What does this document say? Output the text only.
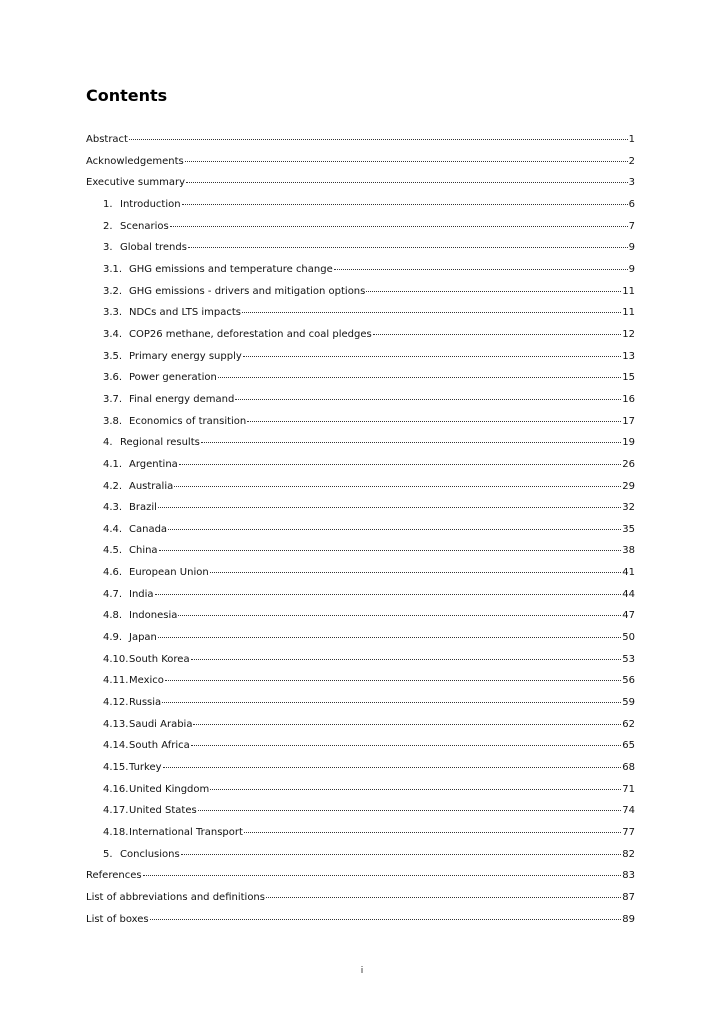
Contents
Abstract	1
Acknowledgements	2
Executive summary	3
1. Introduction	6
2. Scenarios	7
3. Global trends	9
3.1. GHG emissions and temperature change	9
3.2. GHG emissions - drivers and mitigation options	11
3.3. NDCs and LTS impacts	11
3.4. COP26 methane, deforestation and coal pledges	12
3.5. Primary energy supply	13
3.6. Power generation	15
3.7. Final energy demand	16
3.8. Economics of transition	17
4. Regional results	19
4.1. Argentina	26
4.2. Australia	29
4.3. Brazil	32
4.4. Canada	35
4.5. China	38
4.6. European Union	41
4.7. India	44
4.8. Indonesia	47
4.9. Japan	50
4.10. South Korea	53
4.11. Mexico	56
4.12. Russia	59
4.13. Saudi Arabia	62
4.14. South Africa	65
4.15. Turkey	68
4.16. United Kingdom	71
4.17. United States	74
4.18. International Transport	77
5. Conclusions	82
References	83
List of abbreviations and definitions	87
List of boxes	89
i
